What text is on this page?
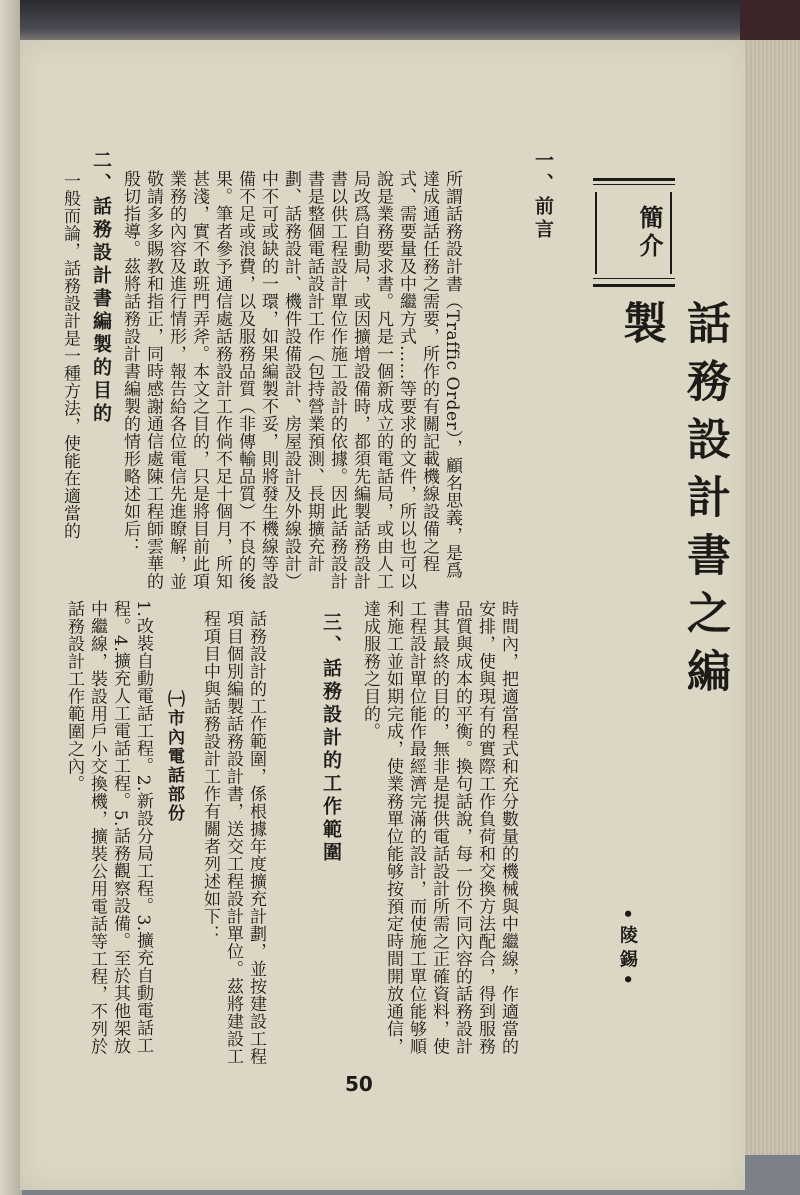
簡介
話務設計書之編製
•陵錫•
一、前言
所謂話務設計書（Traffic Order），顧名思義，是爲達成通話任務之需要，所作的有關記載機線設備之程式、需要量及中繼方式……等要求的文件，所以也可以說是業務要求書。凡是一個新成立的電話局，或由人工局改爲自動局，或因擴增設備時，都須先編製話務設計書以供工程設計單位作施工設計的依據。因此話務設計書是整個電話設計工作（包持營業預測、長期擴充計劃、話務設計、機件設備設計、房屋設計及外線設計）中不可或缺的一環，如果編製不妥，則將發生機線等設備不足或浪費，以及服務品質（非傳輸品質）不良的後果。筆者參予通信處話務設計工作倘不足十個月，所知甚淺，實不敢班門弄斧。本文之目的，只是將目前此項業務的內容及進行情形，報告給各位電信先進瞭解，並敬請多多賜教和指正，同時感謝通信處陳工程師雲華的殷切指導。茲將話務設計書編製的情形略述如后：
二、話務設計書編製的目的
一般而論，話務設計是一種方法，使能在適當的
時間內，把適當程式和充分數量的機械與中繼線，作適當的安排，使與現有的實際工作負荷和交換方法配合，得到服務品質與成本的平衡。換句話說，每一份不同內容的話務設計書其最終的目的，無非是提供電話設計所需之正確資料，使工程設計單位能作最經濟完滿的設計，而使施工單位能够順利施工並如期完成，使業務單位能够按預定時間開放通信，達成服務之目的。
三、話務設計的工作範圍
話務設計的工作範圍，係根據年度擴充計劃，並按建設工程項目個別編製話務設計書，送交工程設計單位。茲將建設工程項目中與話務設計工作有關者列述如下：
㈠市內電話部份
1.改裝自動電話工程。2.新設分局工程。3.擴充自動電話工程。4.擴充人工電話工程。5.話務觀察設備。至於其他架放中繼線，裝設用戶小交換機，擴裝公用電話等工程，不列於話務設計工作範圍之內。
50
